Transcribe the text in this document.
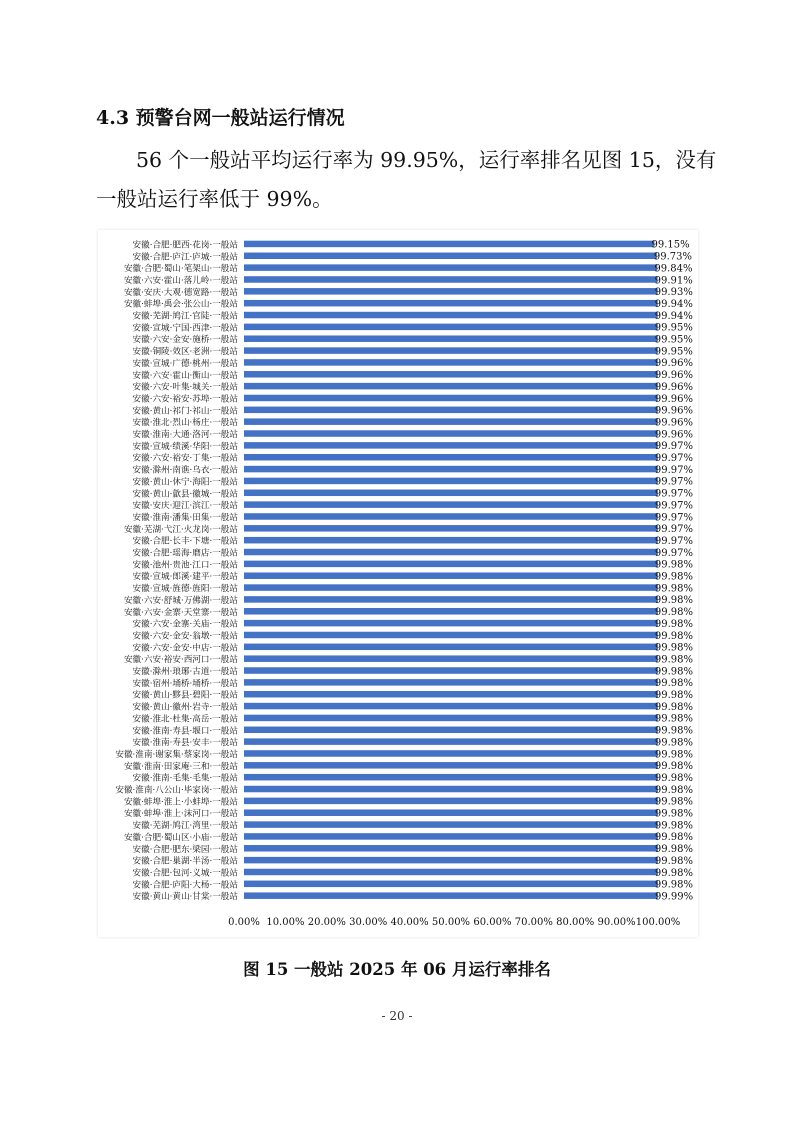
4.3 预警台网一般站运行情况
56 个一般站平均运行率为 99.95%，运行率排名见图 15，没有
一般站运行率低于 99%。
安徽·合肥·肥西·花岗·一般站	99.15%
安徽·合肥·庐江·庐城·一般站	99.73%
安徽·合肥·蜀山·笔架山·一般站	99.84%
安徽·六安·霍山·落儿岭·一般站	99.91%
安徽·安庆·大观·德宽路·一般站	99.93%
安徽·蚌埠·禹会·张公山·一般站	99.94%
安徽·芜湖·鸠江·官陡·一般站	99.94%
安徽·宣城·宁国·西津·一般站	99.95%
安徽·六安·金安·施桥·一般站	99.95%
安徽·铜陵·效区·老洲·一般站	99.95%
安徽·宣城·广德·桃州·一般站	99.96%
安徽·六安·霍山·衡山·一般站	99.96%
安徽·六安·叶集·城关·一般站	99.96%
安徽·六安·裕安·苏埠·一般站	99.96%
安徽·黄山·祁门·祁山·一般站	99.96%
安徽·淮北·烈山·杨庄·一般站	99.96%
安徽·淮南·大通·洛河·一般站	99.96%
安徽·宣城·绩溪·华阳·一般站	99.97%
安徽·六安·裕安·丁集·一般站	99.97%
安徽·滁州·南谯·乌衣·一般站	99.97%
安徽·黄山·休宁·海阳·一般站	99.97%
安徽·黄山·歙县·徽城·一般站	99.97%
安徽·安庆·迎江·滨江·一般站	99.97%
安徽·淮南·潘集·田集·一般站	99.97%
安徽·芜湖·弋江·火龙岗·一般站	99.97%
安徽·合肥·长丰·下塘·一般站	99.97%
安徽·合肥·瑶海·磨店·一般站	99.97%
安徽·池州·贵池·江口·一般站	99.98%
安徽·宣城·郎溪·建平·一般站	99.98%
安徽·宣城·旌德·旌阳·一般站	99.98%
安徽·六安·舒城·万佛湖·一般站	99.98%
安徽·六安·金寨·天堂寨·一般站	99.98%
安徽·六安·金寨·关庙·一般站	99.98%
安徽·六安·金安·翁墩·一般站	99.98%
安徽·六安·金安·中店·一般站	99.98%
安徽·六安·裕安·西河口·一般站	99.98%
安徽·滁州·琅琊·古道·一般站	99.98%
安徽·宿州·埇桥·埇桥·一般站	99.98%
安徽·黄山·黟县·碧阳·一般站	99.98%
安徽·黄山·徽州·岩寺·一般站	99.98%
安徽·淮北·杜集·高岳·一般站	99.98%
安徽·淮南·寿县·堰口·一般站	99.98%
安徽·淮南·寿县·安丰·一般站	99.98%
安徽·淮南·谢家集·蔡家岗·一般站	99.98%
安徽·淮南·田家庵·三和·一般站	99.98%
安徽·淮南·毛集·毛集·一般站	99.98%
安徽·淮南·八公山·毕家岗·一般站	99.98%
安徽·蚌埠·淮上·小蚌埠·一般站	99.98%
安徽·蚌埠·淮上·沫河口·一般站	99.98%
安徽·芜湖·鸠江·湾里·一般站	99.98%
安徽·合肥·蜀山区·小庙·一般站	99.98%
安徽·合肥·肥东·梁园·一般站	99.98%
安徽·合肥·巢湖·半汤·一般站	99.98%
安徽·合肥·包河·义城·一般站	99.98%
安徽·合肥·庐阳·大杨·一般站	99.98%
安徽·黄山·黄山·甘棠·一般站	99.99%
0.00% 10.00% 20.00% 30.00% 40.00% 50.00% 60.00% 70.00% 80.00% 90.00% 100.00%
图 15 一般站 2025 年 06 月运行率排名
- 20 -
